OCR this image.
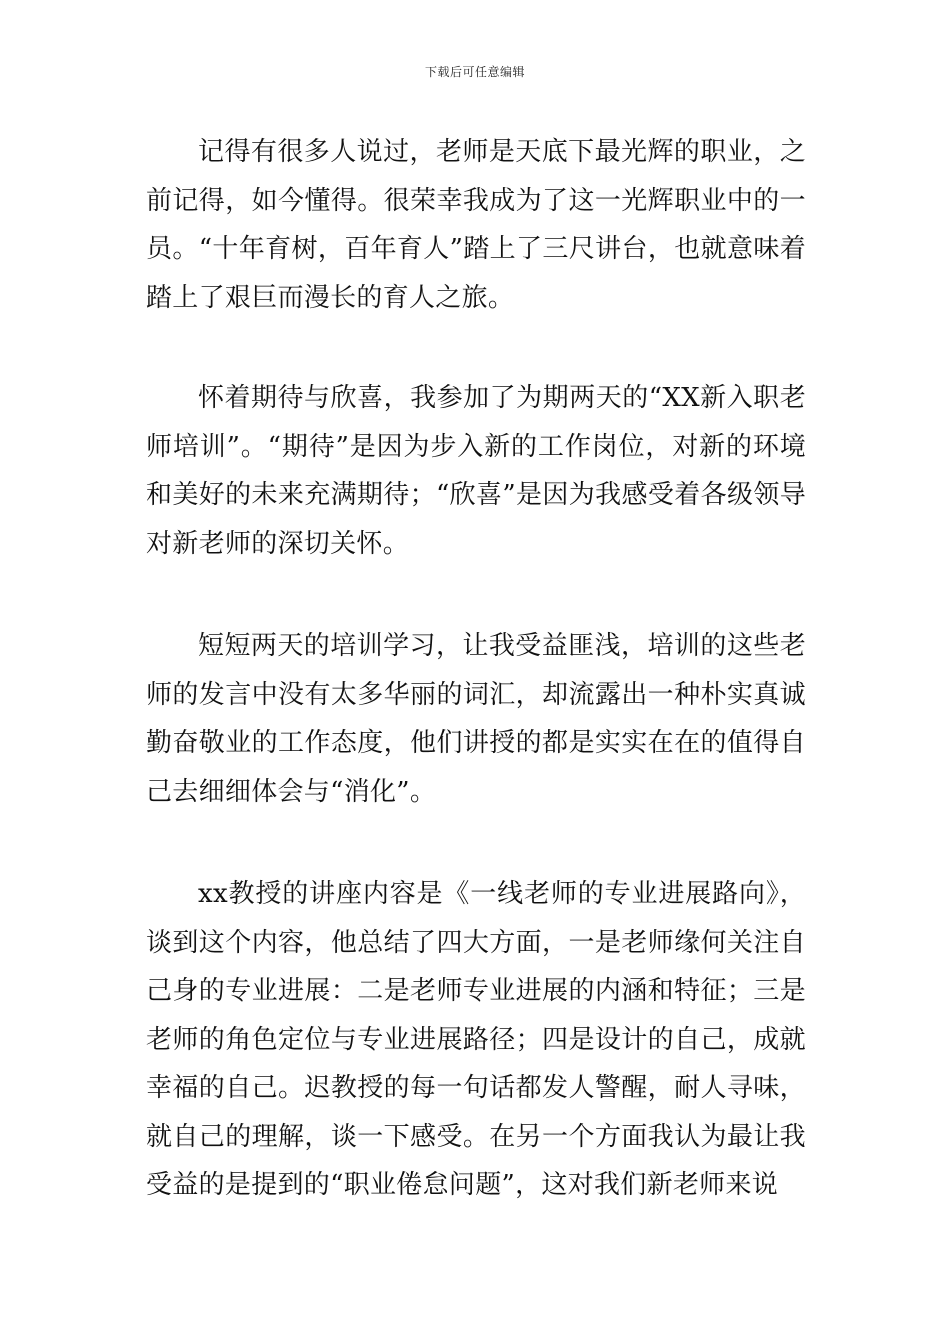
下载后可任意编辑

记得有很多人说过，老师是天底下最光辉的职业，之前记得，如今懂得。很荣幸我成为了这一光辉职业中的一员。“十年育树，百年育人”踏上了三尺讲台，也就意味着踏上了艰巨而漫长的育人之旅。

怀着期待与欣喜，我参加了为期两天的“XX新入职老师培训”。“期待”是因为步入新的工作岗位，对新的环境和美好的未来充满期待；“欣喜”是因为我感受着各级领导对新老师的深切关怀。

短短两天的培训学习，让我受益匪浅，培训的这些老师的发言中没有太多华丽的词汇，却流露出一种朴实真诚勤奋敬业的工作态度，他们讲授的都是实实在在的值得自己去细细体会与“消化”。

xx教授的讲座内容是《一线老师的专业进展路向》，谈到这个内容，他总结了四大方面，一是老师缘何关注自己身的专业进展：二是老师专业进展的内涵和特征；三是老师的角色定位与专业进展路径；四是设计的自己，成就幸福的自己。迟教授的每一句话都发人警醒，耐人寻味，就自己的理解，谈一下感受。在另一个方面我认为最让我受益的是提到的“职业倦怠问题”，这对我们新老师来说
